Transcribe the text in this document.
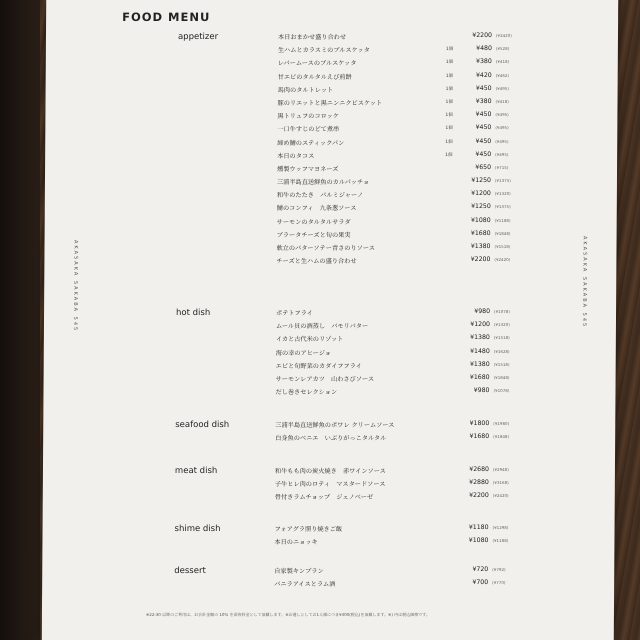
FOOD MENU
AKASAKA SAKABA 545	AKASAKA SAKABA 545
appetizer	本日おまかせ盛り合わせ	¥2200 (¥2420)
生ハムとカラスミのブルスケッタ	1個	¥480 (¥528)
レバームースのブルスケッタ	1個	¥380 (¥418)
甘エビのタルタルえび煎餅	1個	¥420 (¥462)
馬肉のタルトレット	1個	¥450 (¥495)
豚のリエットと黒ニンニクビスケット	1個	¥380 (¥418)
黒トリュフのコロッケ	1個	¥450 (¥495)
一口牛すじのどて煮串	1個	¥450 (¥495)
締め鯖のスティックパン	1個	¥450 (¥495)
本日のタコス	1個	¥450 (¥495)
燻製ウッフマヨネーズ	¥650 (¥715)
三浦半島直送鮮魚のカルパッチョ	¥1250 (¥1375)
和牛のたたき　パルミジャーノ	¥1200 (¥1320)
鯖のコンフィ　九条葱ソース	¥1250 (¥1375)
サーモンのタルタルサラダ	¥1080 (¥1188)
ブラータチーズと旬の果実	¥1680 (¥1848)
軟立のバターソテー青さのりソース	¥1380 (¥1518)
チーズと生ハムの盛り合わせ	¥2200 (¥2420)
hot dish	ポテトフライ	¥980 (¥1078)
ムール貝の酒蒸し　バモリバター	¥1200 (¥1320)
イカと古代米のリゾット	¥1380 (¥1518)
海の幸のアヒージョ	¥1480 (¥1628)
エビと旬野菜のカダイフフライ	¥1380 (¥1518)
サーモンレアカツ　山わさびソース	¥1680 (¥1848)
だし巻きセレクション	¥980 (¥1078)
seafood dish	三浦半島直送鮮魚のポワレ クリームソース	¥1800 (¥1980)
白身魚のベニエ　いぶりがっこタルタル	¥1680 (¥1848)
meat dish	和牛もも肉の炭火焼き　赤ワインソース	¥2680 (¥2948)
子牛ヒレ肉のロティ　マスタードソース	¥2880 (¥3168)
骨付きラムチョップ　ジェノベーゼ	¥2200 (¥2420)
shime dish	フォアグラ照り焼きご飯	¥1180 (¥1298)
本日のニョッキ	¥1080 (¥1188)
dessert	自家製キンプラン	¥720 (¥792)
バニラアイスとラム酒	¥700 (¥770)
※22:30 以降のご利用は、お会計金額の 10% を深夜料金として頂戴します。※お通しとしてお1人様につき¥300(税込)を頂戴します。※) 内は税込価格です。
